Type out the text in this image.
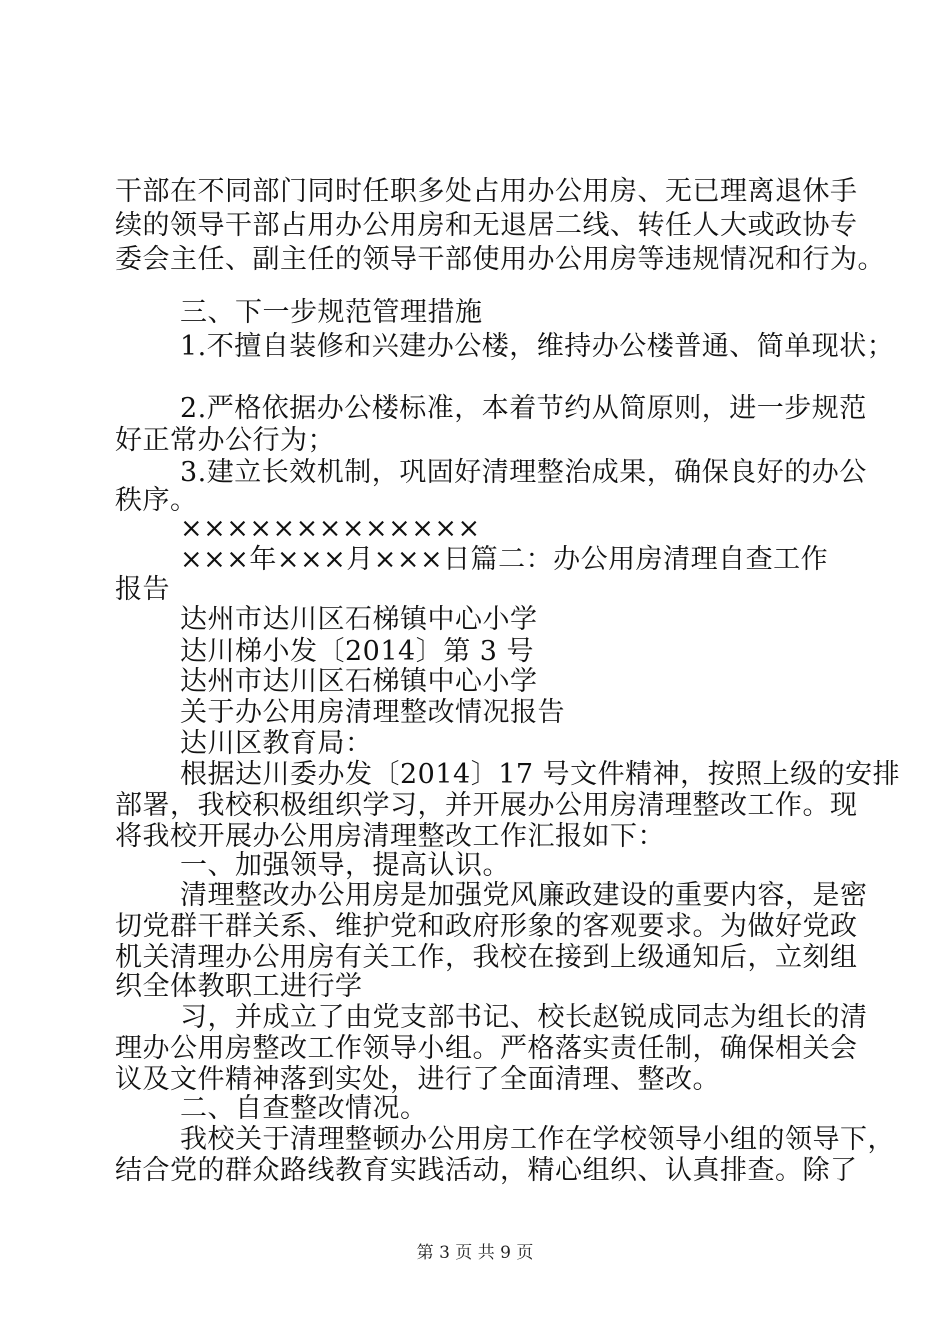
干部在不同部门同时任职多处占用办公用房、无已理离退休手
续的领导干部占用办公用房和无退居二线、转任人大或政协专
委会主任、副主任的领导干部使用办公用房等违规情况和行为。
三、下一步规范管理措施
1.不擅自装修和兴建办公楼，维持办公楼普通、简单现状；
2.严格依据办公楼标准，本着节约从简原则，进一步规范
好正常办公行为；
3.建立长效机制，巩固好清理整治成果，确保良好的办公
秩序。
×××××××××××××
×××年×××月×××日篇二：办公用房清理自查工作
报告
达州市达川区石梯镇中心小学
达川梯小发〔2014〕第 3 号
达州市达川区石梯镇中心小学
关于办公用房清理整改情况报告
达川区教育局：
根据达川委办发〔2014〕17 号文件精神，按照上级的安排
部署，我校积极组织学习，并开展办公用房清理整改工作。现
将我校开展办公用房清理整改工作汇报如下：
一、加强领导，提高认识。
清理整改办公用房是加强党风廉政建设的重要内容，是密
切党群干群关系、维护党和政府形象的客观要求。为做好党政
机关清理办公用房有关工作，我校在接到上级通知后，立刻组
织全体教职工进行学
习，并成立了由党支部书记、校长赵锐成同志为组长的清
理办公用房整改工作领导小组。严格落实责任制，确保相关会
议及文件精神落到实处，进行了全面清理、整改。
二、自查整改情况。
我校关于清理整顿办公用房工作在学校领导小组的领导下，
结合党的群众路线教育实践活动，精心组织、认真排查。除了
第 3 页 共 9 页
